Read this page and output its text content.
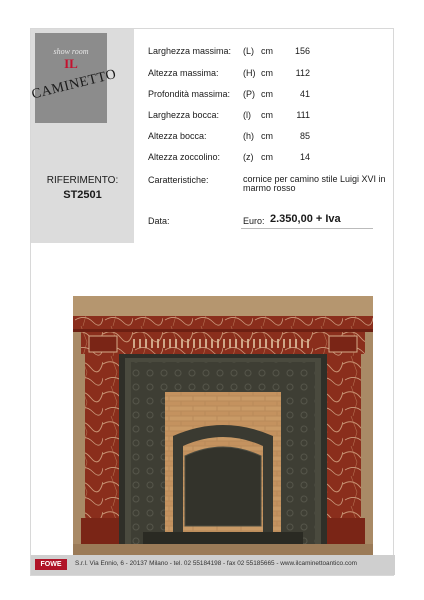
show room
IL
CAMINETTO
RIFERIMENTO:
ST2501
Larghezza massima: (L) cm	156
Altezza massima:	(H) cm	112
Profondità massima: (P) cm	41
Larghezza bocca:	(l) cm	111
Altezza bocca:	(h) cm	85
Altezza zoccolino:	(z) cm	14
Caratteristiche:	cornice per camino stile Luigi XVI in marmo rosso
Data:	Euro: 2.350,00 + Iva
FOWE	S.r.l. Via Ennio, 6 - 20137 Milano - tel. 02 55184198 - fax 02 55185665 - www.ilcaminettoantico.com
